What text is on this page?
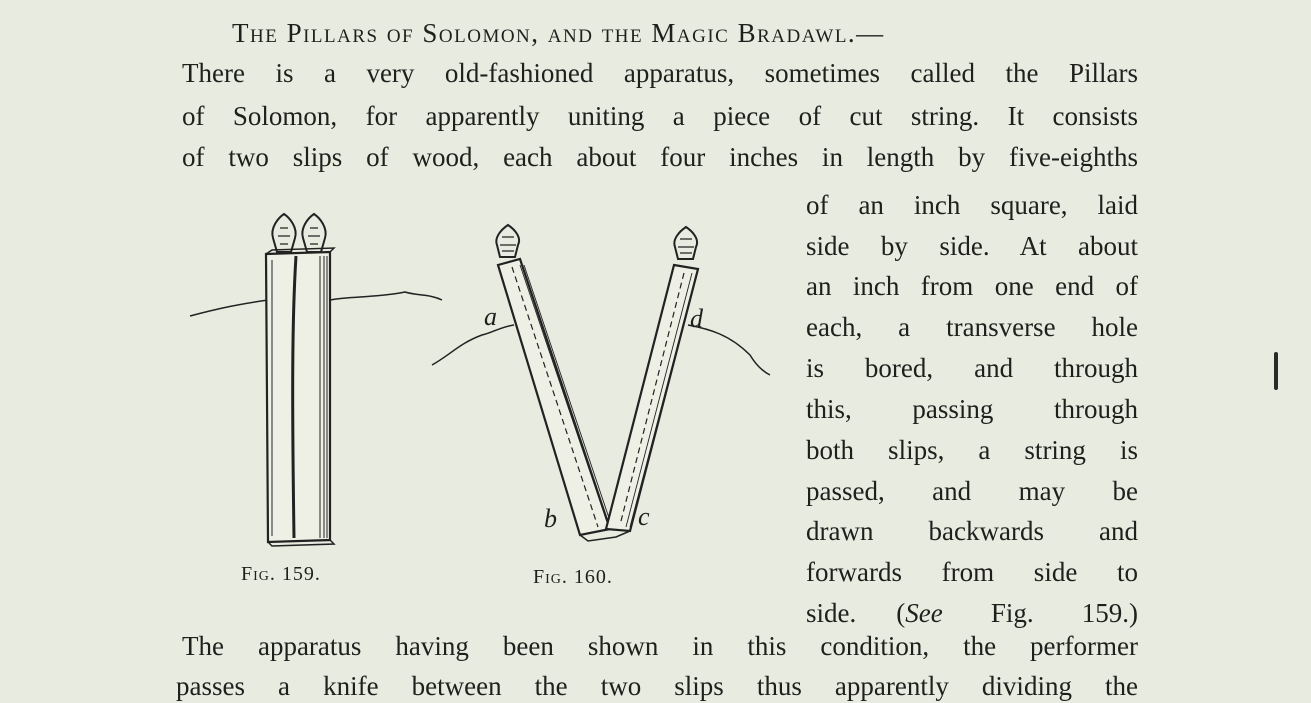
The Pillars of Solomon, and the Magic Bradawl.—
There is a very old-fashioned apparatus, sometimes called the Pillars
of Solomon, for apparently uniting a piece of cut string. It consists
of two slips of wood, each about four inches in length by five-eighths
of an inch square, laid
side by side. At about
an inch from one end of
each, a transverse hole
is bored, and through
this, passing through
both slips, a string is
passed, and may be
drawn backwards and
forwards from side to
side. (See Fig. 159.)
The apparatus having been shown in this condition, the performer
passes a knife between the two slips thus apparently dividing the
Fig. 159.
a	d
b	c
Fig. 160.
